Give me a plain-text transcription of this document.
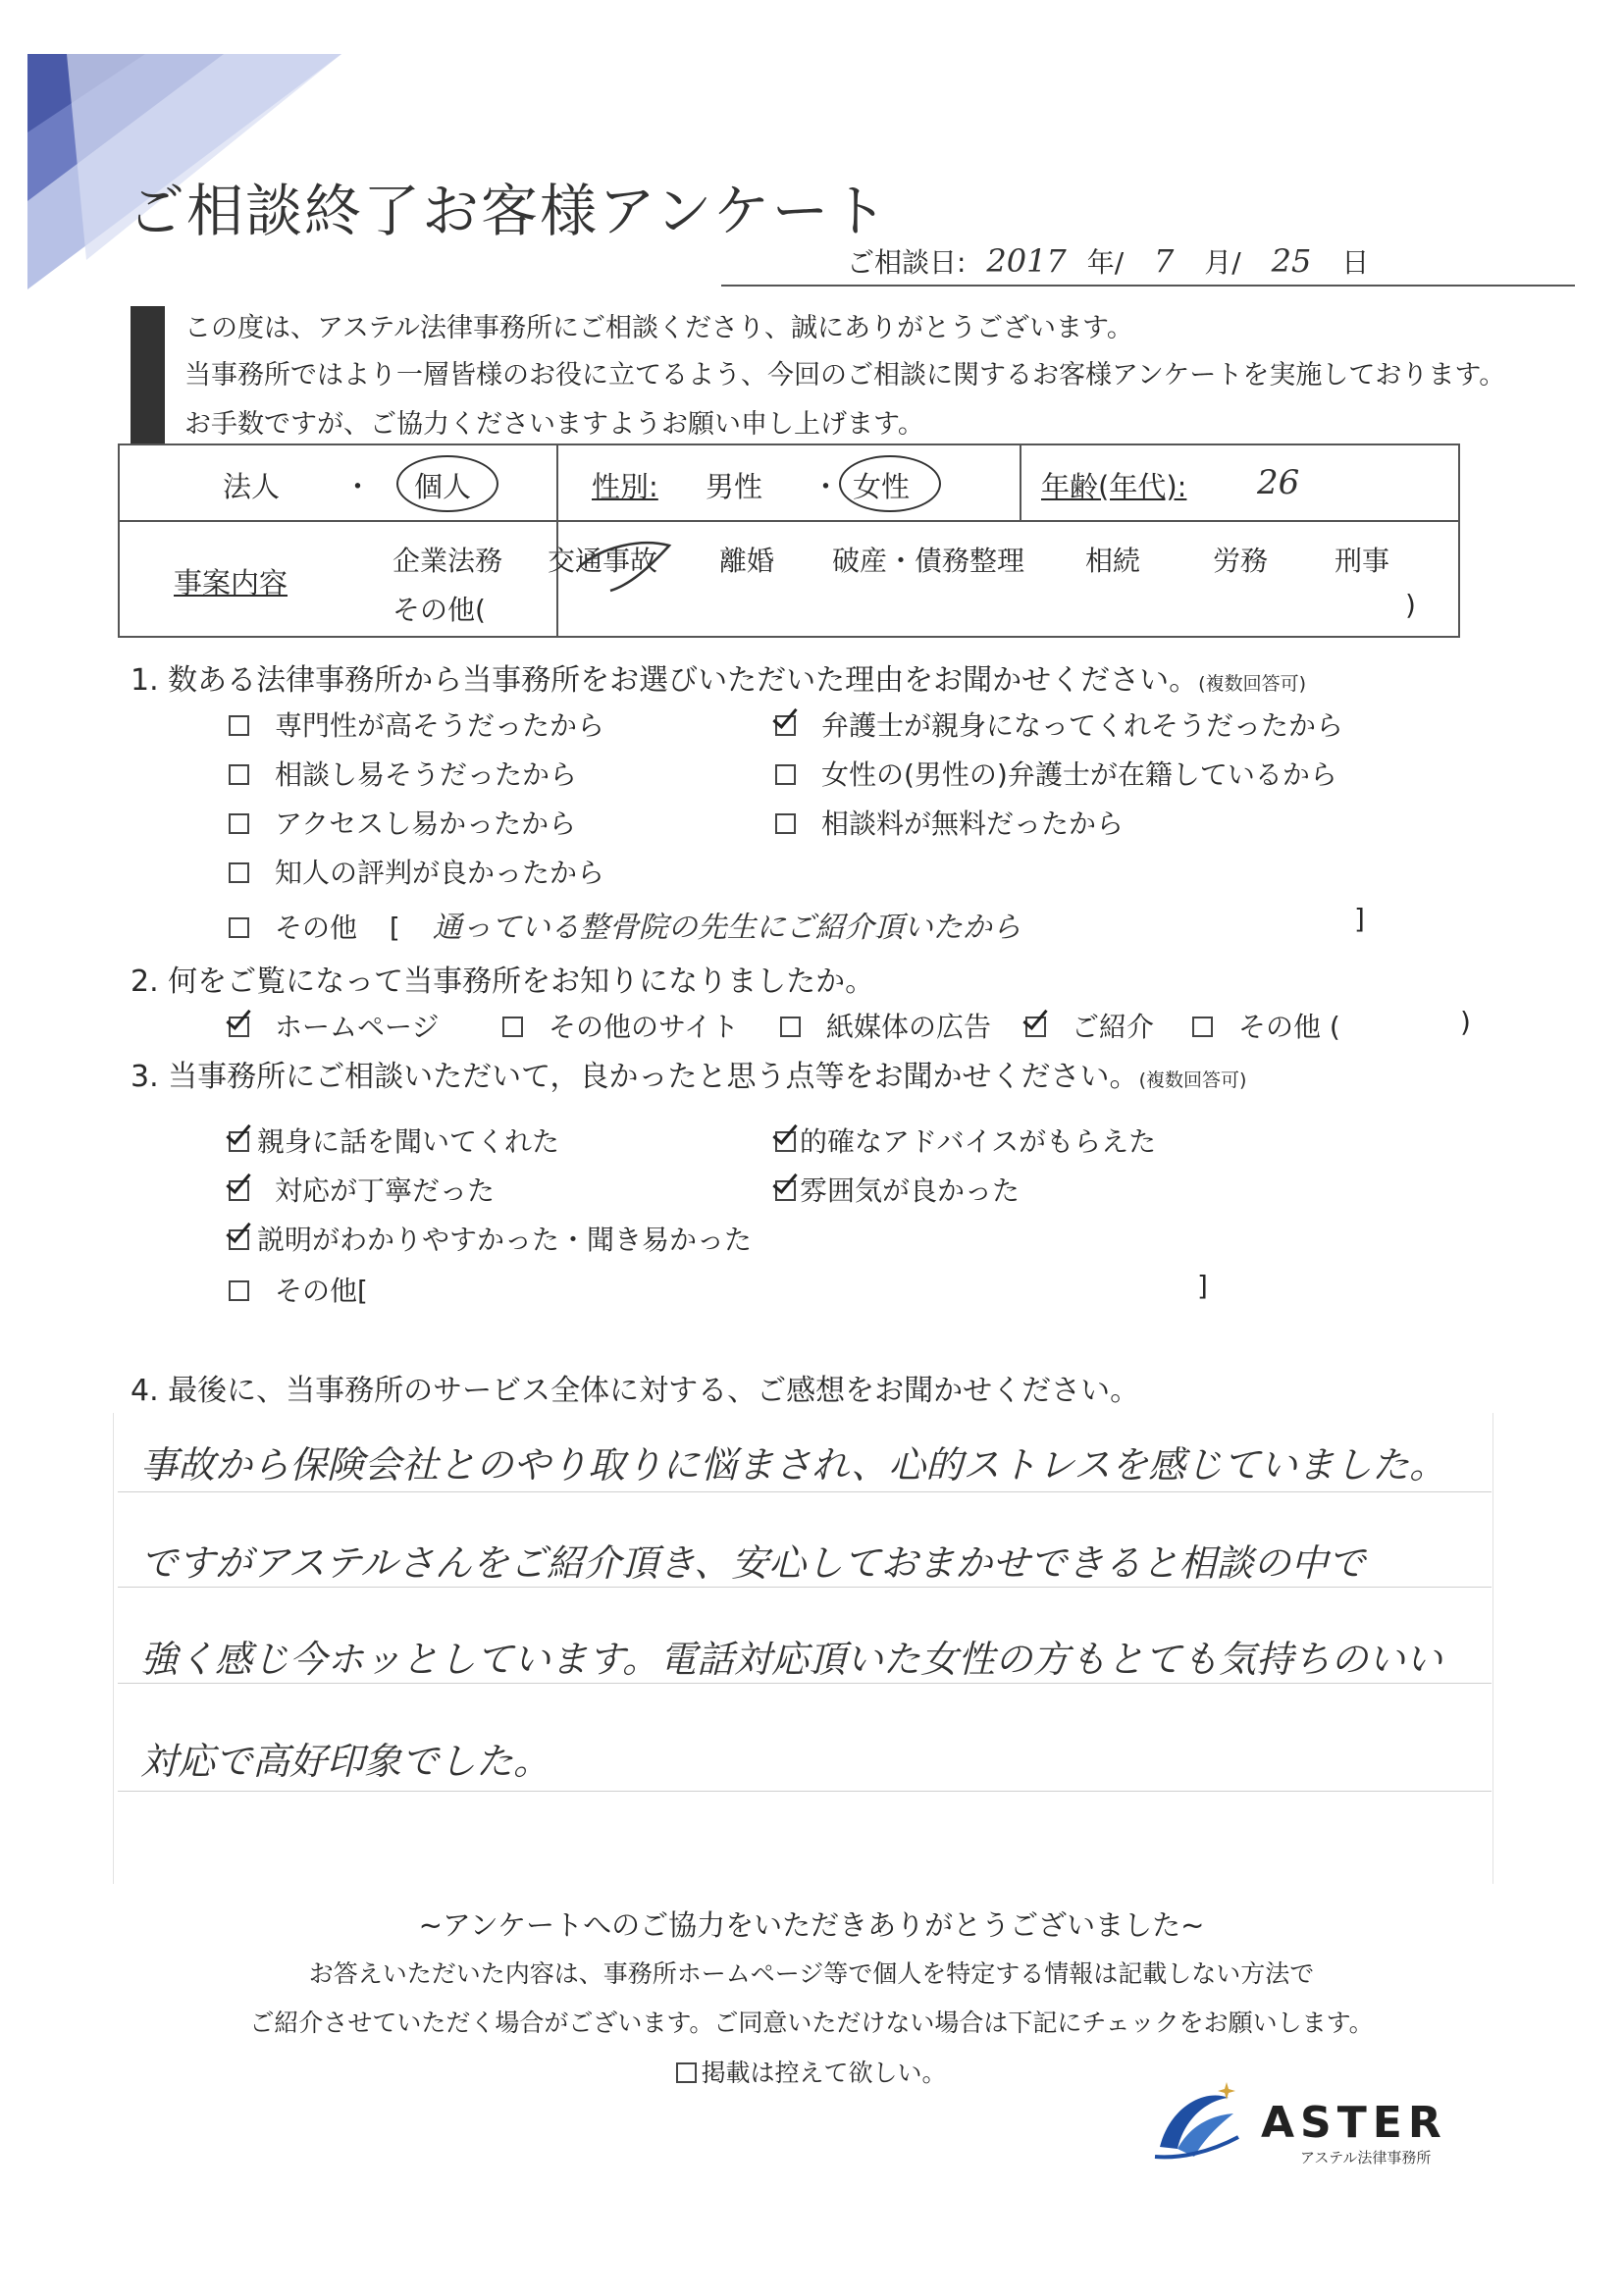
ご相談終了お客様アンケート
ご相談日: 2017 年/ 7 月/ 25 日
この度は、アステル法律事務所にご相談くださり、誠にありがとうございます。
当事務所ではより一層皆様のお役に立てるよう、今回のご相談に関するお客様アンケートを実施しております。
お手数ですが、ご協力くださいますようお願い申し上げます。
法人 ・ 個人	性別: 男性 ・ 女性	年齢(年代): 26

事案内容		

企業法務 交通事故 離婚 破産・債務整理 相続	労務 刑事
その他(	)
1. 数ある法律事務所から当事務所をお選びいただいた理由をお聞かせください。(複数回答可)
専門性が高そうだったから	弁護士が親身になってくれそうだったから
相談し易そうだったから	女性の(男性の)弁護士が在籍しているから
アクセスし易かったから	相談料が無料だったから
知人の評判が良かったから
その他 [ 通っている整骨院の先生にご紹介頂いたから	]
2. 何をご覧になって当事務所をお知りになりましたか。
ホームページ	その他のサイト	紙媒体の広告	ご紹介	その他 (	)
3. 当事務所にご相談いただいて，良かったと思う点等をお聞かせください。(複数回答可)
親身に話を聞いてくれた	的確なアドバイスがもらえた
対応が丁寧だった	雰囲気が良かった
説明がわかりやすかった・聞き易かった
その他[	]
4. 最後に、当事務所のサービス全体に対する、ご感想をお聞かせください。
事故から保険会社とのやり取りに悩まされ、心的ストレスを感じていました。
ですがアステルさんをご紹介頂き、安心しておまかせできると相談の中で
強く感じ今ホッとしています。電話対応頂いた女性の方もとても気持ちのいい
対応で高好印象でした。
~アンケートへのご協力をいただきありがとうございました~
お答えいただいた内容は、事務所ホームページ等で個人を特定する情報は記載しない方法で
ご紹介させていただく場合がございます。ご同意いただけない場合は下記にチェックをお願いします。
掲載は控えて欲しい。
ASTER
アステル法律事務所
